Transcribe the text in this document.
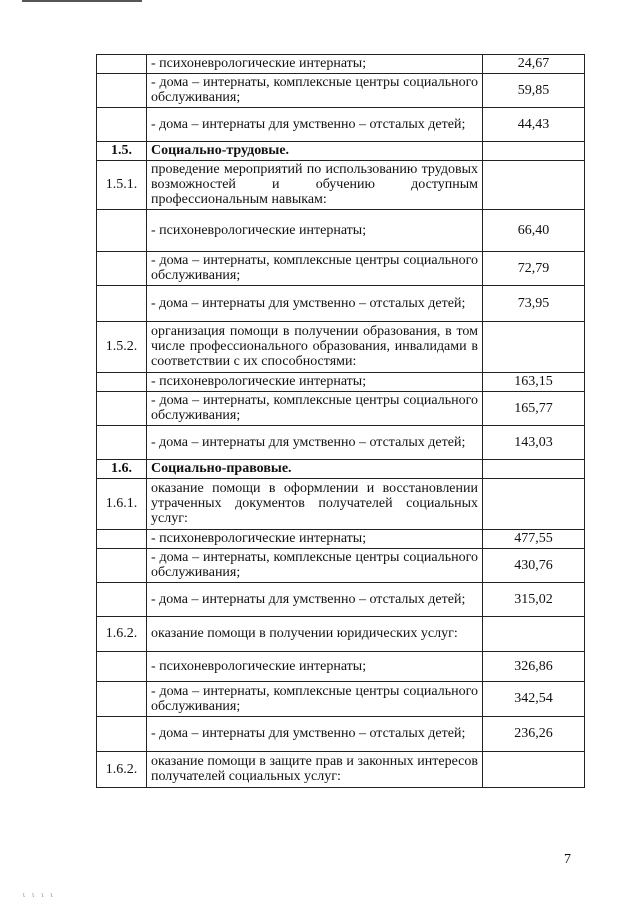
	- психоневрологические интернаты;	24,67
	- дома – интернаты, комплексные центры социального обслуживания;	59,85
	- дома – интернаты для умственно – отсталых детей;	44,43
1.5.	Социально-трудовые.	
1.5.1.	проведение мероприятий по использованию трудовых возможностей и обучению доступным профессиональным навыкам:	
	- психоневрологические интернаты;	66,40
	- дома – интернаты, комплексные центры социального обслуживания;	72,79
	- дома – интернаты для умственно – отсталых детей;	73,95
1.5.2.	организация помощи в получении образования, в том числе профессионального образования, инвалидами в соответствии с их способностями:	
	- психоневрологические интернаты;	163,15
	- дома – интернаты, комплексные центры социального обслуживания;	165,77
	- дома – интернаты для умственно – отсталых детей;	143,03
1.6.	Социально-правовые.	
1.6.1.	оказание помощи в оформлении и восстановлении утраченных документов получателей социальных услуг:	
	- психоневрологические интернаты;	477,55
	- дома – интернаты, комплексные центры социального обслуживания;	430,76
	- дома – интернаты для умственно – отсталых детей;	315,02
1.6.2.	оказание помощи в получении юридических услуг:	
	- психоневрологические интернаты;	326,86
	- дома – интернаты, комплексные центры социального обслуживания;	342,54
	- дома – интернаты для умственно – отсталых детей;	236,26
1.6.2.	оказание помощи в защите прав и законных интересов получателей социальных услуг:	
7
ι ι ι ι
